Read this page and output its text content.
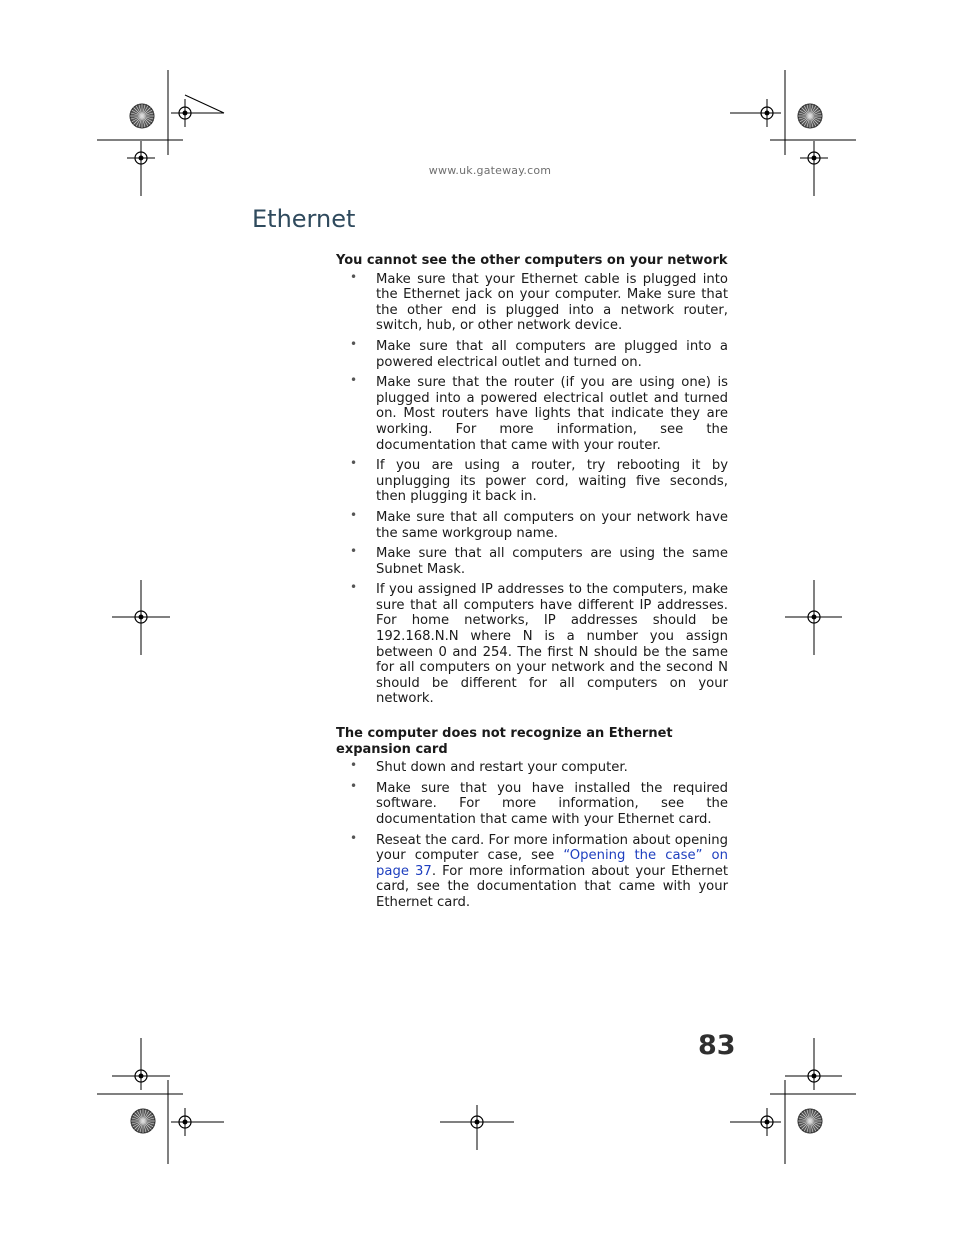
www.uk.gateway.com
Ethernet
You cannot see the other computers on your network
• Make sure that your Ethernet cable is plugged into the Ethernet jack on your computer. Make sure that the other end is plugged into a network router, switch, hub, or other network device.
• Make sure that all computers are plugged into a powered electrical outlet and turned on.
• Make sure that the router (if you are using one) is plugged into a powered electrical outlet and turned on. Most routers have lights that indicate they are working. For more information, see the documentation that came with your router.
• If you are using a router, try rebooting it by unplugging its power cord, waiting five seconds, then plugging it back in.
• Make sure that all computers on your network have the same workgroup name.
• Make sure that all computers are using the same Subnet Mask.
• If you assigned IP addresses to the computers, make sure that all computers have different IP addresses. For home networks, IP addresses should be 192.168.N.N where N is a number you assign between 0 and 254. The first N should be the same for all computers on your network and the second N should be different for all computers on your network.
The computer does not recognize an Ethernet expansion card
• Shut down and restart your computer.
• Make sure that you have installed the required software. For more information, see the documentation that came with your Ethernet card.
• Reseat the card. For more information about opening your computer case, see “Opening the case” on page 37. For more information about your Ethernet card, see the documentation that came with your Ethernet card.
83
